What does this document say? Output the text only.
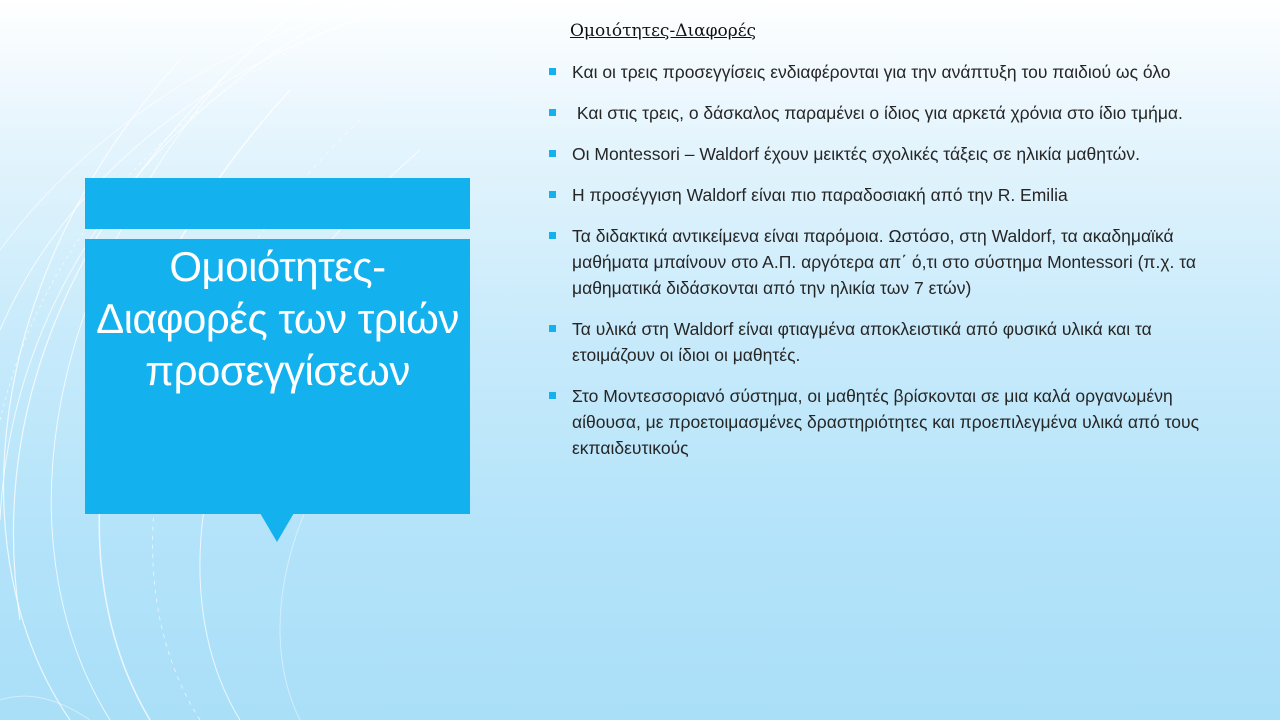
Ομοιότητες-Διαφορές των τριών προσεγγίσεων
Ομοιότητες-Διαφορές
Και οι τρεις προσεγγίσεις ενδιαφέρονται για την ανάπτυξη του παιδιού ως όλο
Και στις τρεις, ο δάσκαλος παραμένει ο ίδιος για αρκετά χρόνια στο ίδιο τμήμα.
Οι Montessori – Waldorf έχουν μεικτές σχολικές τάξεις σε ηλικία μαθητών.
Η προσέγγιση Waldorf είναι πιο παραδοσιακή από την R. Emilia
Τα διδακτικά αντικείμενα είναι παρόμοια. Ωστόσο, στη Waldorf, τα ακαδημαϊκά μαθήματα μπαίνουν στο Α.Π. αργότερα απ΄ ό,τι στο σύστημα Montessori (π.χ. τα μαθηματικά διδάσκονται από την ηλικία των 7 ετών)
Τα υλικά στη Waldorf είναι φτιαγμένα αποκλειστικά από φυσικά υλικά και τα ετοιμάζουν οι ίδιοι οι μαθητές.
Στο Μοντεσσοριανό σύστημα, οι μαθητές βρίσκονται σε μια καλά οργανωμένη αίθουσα, με προετοιμασμένες δραστηριότητες και προεπιλεγμένα υλικά από τους εκπαιδευτικούς
